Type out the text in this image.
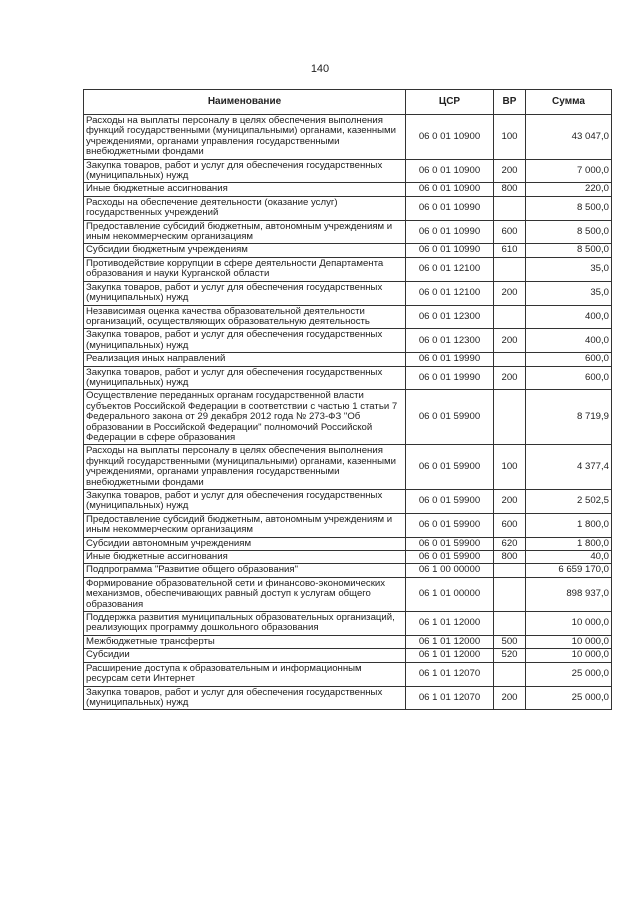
140
Наименование	ЦСР	ВР	Сумма
Расходы на выплаты персоналу в целях обеспечения выполнения функций государственными (муниципальными) органами, казенными учреждениями, органами управления государственными внебюджетными фондами	06 0 01 10900	100	43 047,0
Закупка товаров, работ и услуг для обеспечения государственных (муниципальных) нужд	06 0 01 10900	200	7 000,0
Иные бюджетные ассигнования	06 0 01 10900	800	220,0
Расходы на обеспечение деятельности (оказание услуг) государственных учреждений	06 0 01 10990		8 500,0
Предоставление субсидий бюджетным, автономным учреждениям и иным некоммерческим организациям	06 0 01 10990	600	8 500,0
Субсидии бюджетным учреждениям	06 0 01 10990	610	8 500,0
Противодействие коррупции в сфере деятельности Департамента образования и науки Курганской области	06 0 01 12100		35,0
Закупка товаров, работ и услуг для обеспечения государственных (муниципальных) нужд	06 0 01 12100	200	35,0
Независимая оценка качества образовательной деятельности организаций, осуществляющих образовательную деятельность	06 0 01 12300		400,0
Закупка товаров, работ и услуг для обеспечения государственных (муниципальных) нужд	06 0 01 12300	200	400,0
Реализация иных направлений	06 0 01 19990		600,0
Закупка товаров, работ и услуг для обеспечения государственных (муниципальных) нужд	06 0 01 19990	200	600,0
Осуществление переданных органам государственной власти субъектов Российской Федерации в соответствии с частью 1 статьи 7 Федерального закона от 29 декабря 2012 года № 273-ФЗ "Об образовании в Российской Федерации" полномочий Российской Федерации в сфере образования	06 0 01 59900		8 719,9
Расходы на выплаты персоналу в целях обеспечения выполнения функций государственными (муниципальными) органами, казенными учреждениями, органами управления государственными внебюджетными фондами	06 0 01 59900	100	4 377,4
Закупка товаров, работ и услуг для обеспечения государственных (муниципальных) нужд	06 0 01 59900	200	2 502,5
Предоставление субсидий бюджетным, автономным учреждениям и иным некоммерческим организациям	06 0 01 59900	600	1 800,0
Субсидии автономным учреждениям	06 0 01 59900	620	1 800,0
Иные бюджетные ассигнования	06 0 01 59900	800	40,0
Подпрограмма "Развитие общего образования"	06 1 00 00000		6 659 170,0
Формирование образовательной сети и финансово-экономических механизмов, обеспечивающих равный доступ к услугам общего образования	06 1 01 00000		898 937,0
Поддержка развития муниципальных образовательных организаций, реализующих программу дошкольного образования	06 1 01 12000		10 000,0
Межбюджетные трансферты	06 1 01 12000	500	10 000,0
Субсидии	06 1 01 12000	520	10 000,0
Расширение доступа к образовательным и информационным ресурсам сети Интернет	06 1 01 12070		25 000,0
Закупка товаров, работ и услуг для обеспечения государственных (муниципальных) нужд	06 1 01 12070	200	25 000,0
